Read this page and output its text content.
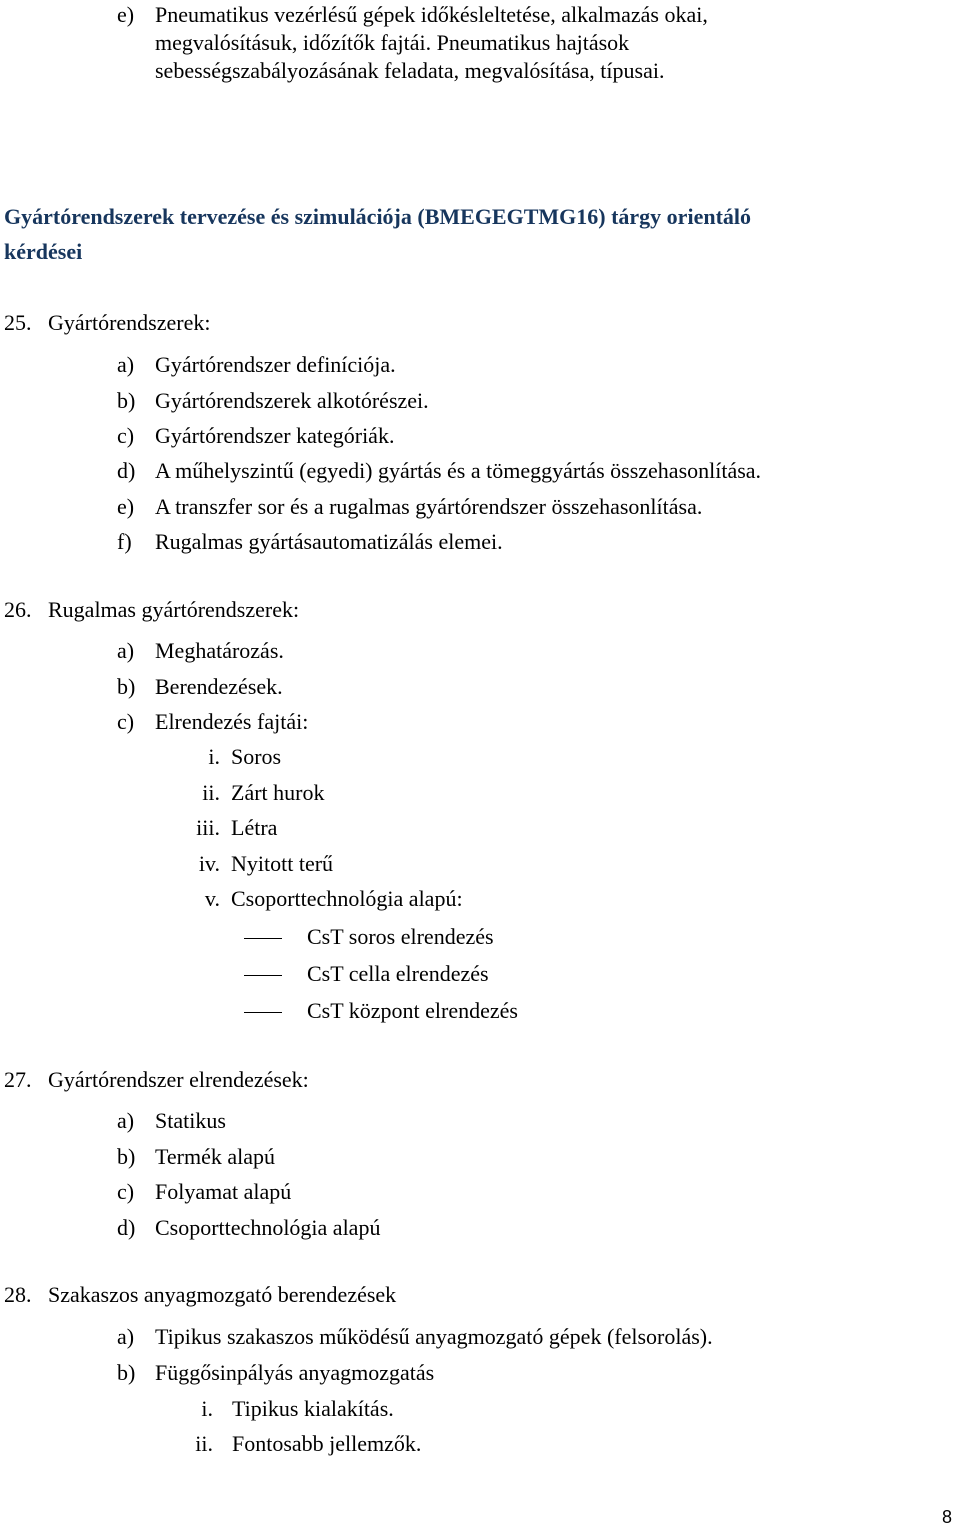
e) Pneumatikus vezérlésű gépek időkésleltetése, alkalmazás okai,
megvalósításuk, időzítők fajtái. Pneumatikus hajtások
sebességszabályozásának feladata, megvalósítása, típusai.
Gyártórendszerek tervezése és szimulációja (BMEGEGTMG16) tárgy orientáló
kérdései
25. Gyártórendszerek:
a) Gyártórendszer definíciója.
b) Gyártórendszerek alkotórészei.
c) Gyártórendszer kategóriák.
d) A műhelyszintű (egyedi) gyártás és a tömeggyártás összehasonlítása.
e) A transzfer sor és a rugalmas gyártórendszer összehasonlítása.
f) Rugalmas gyártásautomatizálás elemei.
26. Rugalmas gyártórendszerek:
a) Meghatározás.
b) Berendezések.
c) Elrendezés fajtái:
i. Soros
ii. Zárt hurok
iii. Létra
iv. Nyitott terű
v. Csoporttechnológia alapú:
CsT soros elrendezés
CsT cella elrendezés
CsT központ elrendezés
27. Gyártórendszer elrendezések:
a) Statikus
b) Termék alapú
c) Folyamat alapú
d) Csoporttechnológia alapú
28. Szakaszos anyagmozgató berendezések
a) Tipikus szakaszos működésű anyagmozgató gépek (felsorolás).
b) Függősinpályás anyagmozgatás
i. Tipikus kialakítás.
ii. Fontosabb jellemzők.
8
